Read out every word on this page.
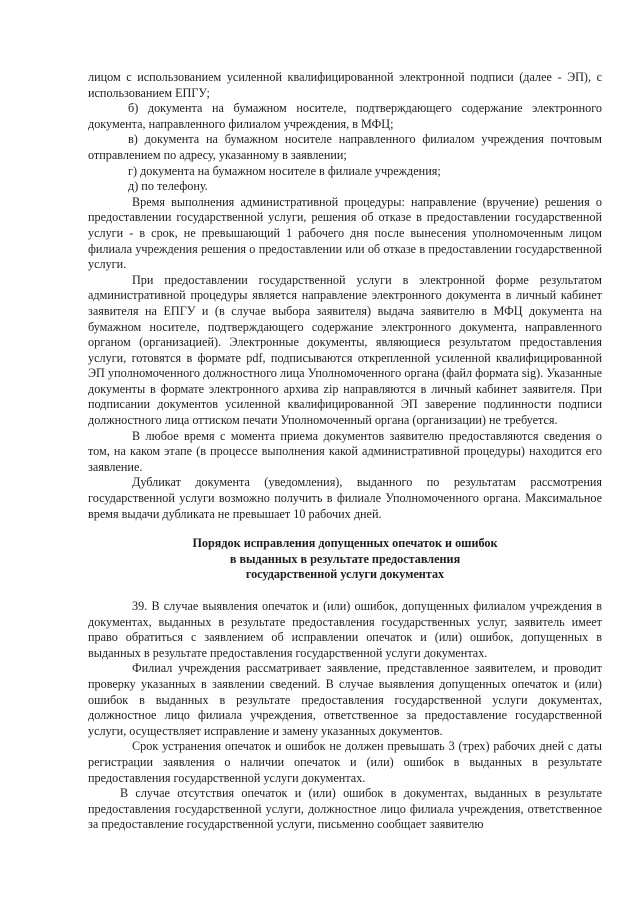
лицом с использованием усиленной квалифицированной электронной подписи (далее - ЭП), с использованием ЕПГУ;

б) документа на бумажном носителе, подтверждающего содержание электронного документа, направленного филиалом учреждения, в МФЦ;

в) документа на бумажном носителе направленного филиалом учреждения почтовым отправлением по адресу, указанному в заявлении;

г) документа на бумажном носителе в филиале учреждения;

д) по телефону.

Время выполнения административной процедуры: направление (вручение) решения о предоставлении государственной услуги, решения об отказе в предоставлении государственной услуги - в срок, не превышающий 1 рабочего дня после вынесения уполномоченным лицом филиала учреждения решения о предоставлении или об отказе в предоставлении государственной услуги.

При предоставлении государственной услуги в электронной форме результатом административной процедуры является направление электронного документа в личный кабинет заявителя на ЕПГУ и (в случае выбора заявителя) выдача заявителю в МФЦ документа на бумажном носителе, подтверждающего содержание электронного документа, направленного органом (организацией). Электронные документы, являющиеся результатом предоставления услуги, готовятся в формате pdf, подписываются открепленной усиленной квалифицированной ЭП уполномоченного должностного лица Уполномоченного органа (файл формата sig). Указанные документы в формате электронного архива zip направляются в личный кабинет заявителя. При подписании документов усиленной квалифицированной ЭП заверение подлинности подписи должностного лица оттиском печати Уполномоченный органа (организации) не требуется.

В любое время с момента приема документов заявителю предоставляются сведения о том, на каком этапе (в процессе выполнения какой административной процедуры) находится его заявление.

Дубликат документа (уведомления), выданного по результатам рассмотрения государственной услуги возможно получить в филиале Уполномоченного органа. Максимальное время выдачи дубликата не превышает 10 рабочих дней.

Порядок исправления допущенных опечаток и ошибок
в выданных в результате предоставления
государственной услуги документах

39. В случае выявления опечаток и (или) ошибок, допущенных филиалом учреждения в документах, выданных в результате предоставления государственных услуг, заявитель имеет право обратиться с заявлением об исправлении опечаток и (или) ошибок, допущенных в выданных в результате предоставления государственной услуги документах.

Филиал учреждения рассматривает заявление, представленное заявителем, и проводит проверку указанных в заявлении сведений. В случае выявления допущенных опечаток и (или) ошибок в выданных в результате предоставления государственной услуги документах, должностное лицо филиала учреждения, ответственное за предоставление государственной услуги, осуществляет исправление и замену указанных документов.

Срок устранения опечаток и ошибок не должен превышать 3 (трех) рабочих дней с даты регистрации заявления о наличии опечаток и (или) ошибок в выданных в результате предоставления государственной услуги документах.

В случае отсутствия опечаток и (или) ошибок в документах, выданных в результате предоставления государственной услуги, должностное лицо филиала учреждения, ответственное за предоставление государственной услуги, письменно сообщает заявителю
